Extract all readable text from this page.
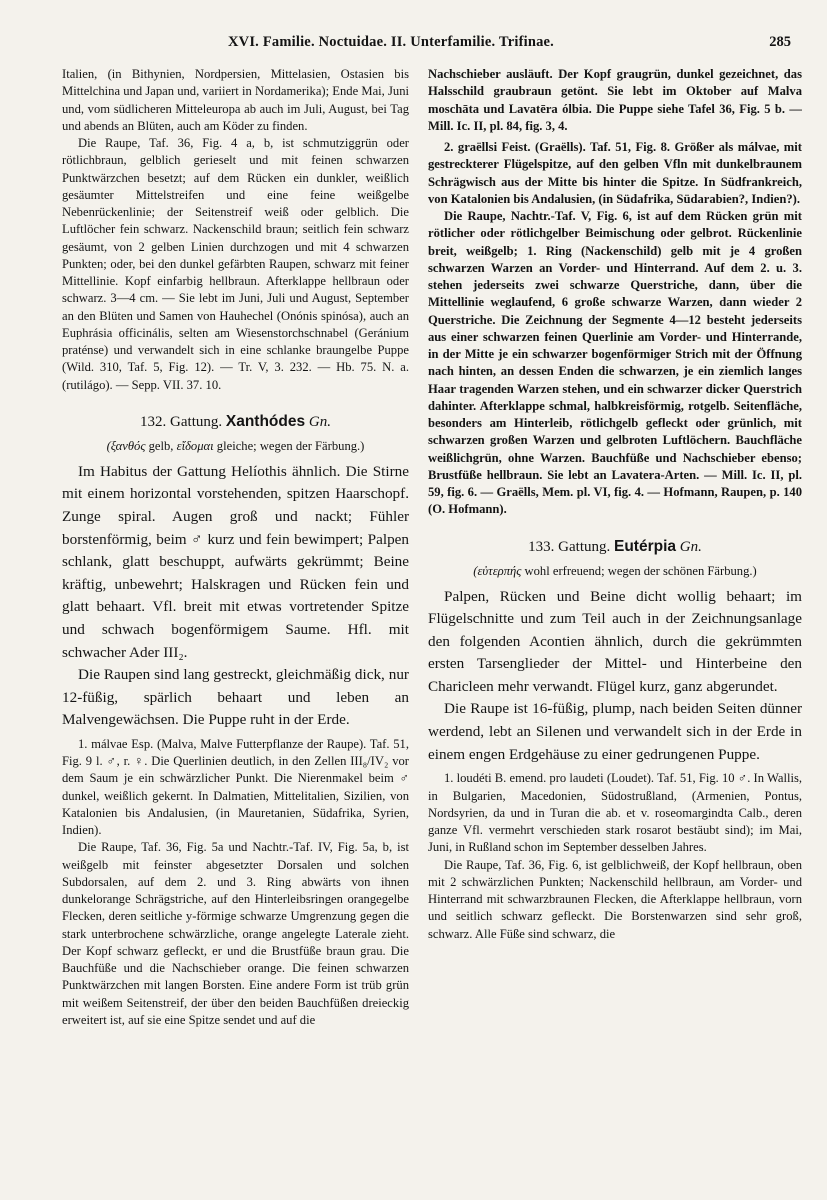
XVI. Familie. Noctuidae. II. Unterfamilie. Trifinae.	285

Italien, (in Bithynien, Nordpersien, Mittelasien, Ostasien bis Mittelchina und Japan und, variiert in Nordamerika); Ende Mai, Juni und, vom südlicheren Mitteleuropa ab auch im Juli, August, bei Tag und abends an Blüten, auch am Köder zu finden.

Die Raupe, Taf. 36, Fig. 4 a, b, ist schmutziggrün oder rötlichbraun, gelblich gerieselt und mit feinen schwarzen Punktwärzchen besetzt; auf dem Rücken ein dunkler, weißlich gesäumter Mittelstreifen und eine feine weißgelbe Nebenrückenlinie; der Seitenstreif weiß oder gelblich. Die Luftlöcher fein schwarz. Nackenschild braun; seitlich fein schwarz gesäumt, von 2 gelben Linien durchzogen und mit 4 schwarzen Punkten; oder, bei den dunkel gefärbten Raupen, schwarz mit feiner Mittellinie. Kopf einfarbig hellbraun. Afterklappe hellbraun oder schwarz. 3—4 cm. — Sie lebt im Juni, Juli und August, September an den Blüten und Samen von Hauhechel (Onónis spinósa), auch an Euphrásia officinális, selten am Wiesenstorchschnabel (Geránium praténse) und verwandelt sich in eine schlanke braungelbe Puppe (Wild. 310, Taf. 5, Fig. 12). — Tr. V, 3. 232. — Hb. 75. N. a. (rutilágo). — Sepp. VII. 37. 10.

132. Gattung. Xanthódes Gn.
(ξανθός gelb, εἴδομαι gleiche; wegen der Färbung.)

Im Habitus der Gattung Helíothis ähnlich. Die Stirne mit einem horizontal vorstehenden, spitzen Haarschopf. Zunge spiral. Augen groß und nackt; Fühler borstenförmig, beim ♂ kurz und fein bewimpert; Palpen schlank, glatt beschuppt, aufwärts gekrümmt; Beine kräftig, unbewehrt; Halskragen und Rücken fein und glatt behaart. Vfl. breit mit etwas vortretender Spitze und schwach bogenförmigem Saume. Hfl. mit schwacher Ader III₂.

Die Raupen sind lang gestreckt, gleichmäßig dick, nur 12-füßig, spärlich behaart und leben an Malvengewächsen. Die Puppe ruht in der Erde.

1. málvae Esp. (Malva, Malve Futterpflanze der Raupe). Taf. 51, Fig. 9 l. ♂, r. ♀. Die Querlinien deutlich, in den Zellen III₈/IV₂ vor dem Saum je ein schwärzlicher Punkt. Die Nierenmakel beim ♂ dunkel, weißlich gekernt. In Dalmatien, Mittelitalien, Sizilien, von Katalonien bis Andalusien, (in Mauretanien, Südafrika, Syrien, Indien).

Die Raupe, Taf. 36, Fig. 5a und Nachtr.-Taf. IV, Fig. 5a, b, ist weißgelb mit feinster abgesetzter Dorsalen und solchen Subdorsalen, auf dem 2. und 3. Ring abwärts von ihnen dunkelorange Schrägstriche, auf den Hinterleibsringen orangegelbe Flecken, deren seitliche y-förmige schwarze Umgrenzung gegen die stark unterbrochene schwärzliche, orange angelegte Laterale zieht. Der Kopf schwarz gefleckt, er und die Brustfüße braun grau. Die Bauchfüße und die Nachschieber orange. Die feinen schwarzen Punktwärzchen mit langen Borsten. Eine andere Form ist trüb grün mit weißem Seitenstreif, der über den beiden Bauchfüßen dreieckig erweitert ist, auf sie eine Spitze sendet und auf die

Nachschieber ausläuft. Der Kopf graugrün, dunkel gezeichnet, das Halsschild graubraun getönt. Sie lebt im Oktober auf Malva moschāta und Lavatēra ólbia. Die Puppe siehe Tafel 36, Fig. 5 b. — Mill. Ic. II, pl. 84, fig. 3, 4.

2. graëllsi Feist. (Graëlls). Taf. 51, Fig. 8. Größer als málvae, mit gestreckterer Flügelspitze, auf den gelben Vfln mit dunkelbraunem Schrägwisch aus der Mitte bis hinter die Spitze. In Südfrankreich, von Katalonien bis Andalusien, (in Südafrika, Südarabien?, Indien?).

Die Raupe, Nachtr.-Taf. V, Fig. 6, ist auf dem Rücken grün mit rötlicher oder rötlichgelber Beimischung oder gelbrot. Rückenlinie breit, weißgelb; 1. Ring (Nackenschild) gelb mit je 4 großen schwarzen Warzen an Vorder- und Hinterrand. Auf dem 2. u. 3. stehen jederseits zwei schwarze Querstriche, dann, über die Mittellinie weglaufend, 6 große schwarze Warzen, dann wieder 2 Querstriche. Die Zeichnung der Segmente 4—12 besteht jederseits aus einer schwarzen feinen Querlinie am Vorder- und Hinterrande, in der Mitte je ein schwarzer bogenförmiger Strich mit der Öffnung nach hinten, an dessen Enden die schwarzen, je ein ziemlich langes Haar tragenden Warzen stehen, und ein schwarzer dicker Querstrich dahinter. Afterklappe schmal, halbkreisförmig, rotgelb. Seitenfläche, besonders am Hinterleib, rötlichgelb gefleckt oder grünlich, mit schwarzen großen Warzen und gelbroten Luftlöchern. Bauchfläche weißlichgrün, ohne Warzen. Bauchfüße und Nachschieber ebenso; Brustfüße hellbraun. Sie lebt an Lavatera-Arten. — Mill. Ic. II, pl. 59, fig. 6. — Graëlls, Mem. pl. VI, fig. 4. — Hofmann, Raupen, p. 140 (O. Hofmann).

133. Gattung. Eutérpia Gn.
(εὐτερπής wohl erfreuend; wegen der schönen Färbung.)

Palpen, Rücken und Beine dicht wollig behaart; im Flügelschnitte und zum Teil auch in der Zeichnungsanlage den folgenden Acontien ähnlich, durch die gekrümmten ersten Tarsenglieder der Mittel- und Hinterbeine den Charicleen mehr verwandt. Flügel kurz, ganz abgerundet.

Die Raupe ist 16-füßig, plump, nach beiden Seiten dünner werdend, lebt an Silenen und verwandelt sich in der Erde in einem engen Erdgehäuse zu einer gedrungenen Puppe.

1. loudéti B. emend. pro laudeti (Loudet). Taf. 51, Fig. 10 ♂. In Wallis, in Bulgarien, Macedonien, Südostrußland, (Armenien, Pontus, Nordsyrien, da und in Turan die ab. et v. roseomargindta Calb., deren ganze Vfl. vermehrt verschieden stark rosarot bestäubt sind); im Mai, Juni, in Rußland schon im September desselben Jahres.

Die Raupe, Taf. 36, Fig. 6, ist gelblichweiß, der Kopf hellbraun, oben mit 2 schwärzlichen Punkten; Nackenschild hellbraun, am Vorder- und Hinterrand mit schwarzbraunen Flecken, die Afterklappe hellbraun, vorn und seitlich schwarz gefleckt. Die Borstenwarzen sind sehr groß, schwarz. Alle Füße sind schwarz, die
